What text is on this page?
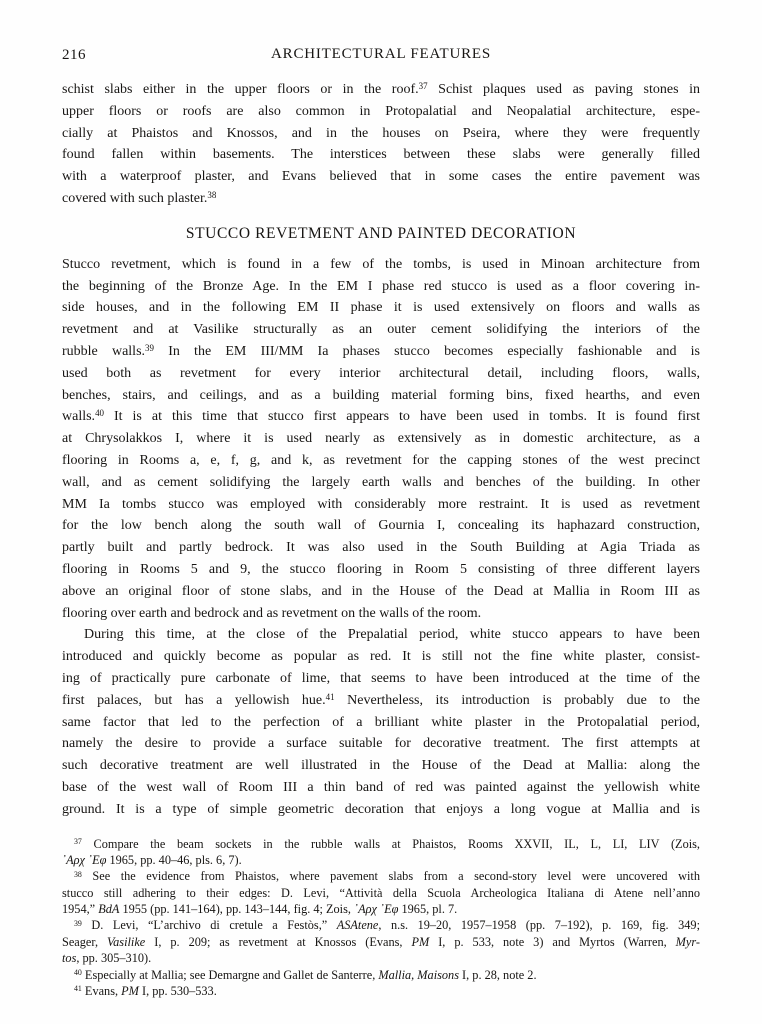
216	ARCHITECTURAL FEATURES
schist slabs either in the upper floors or in the roof.$^{37}$ Schist plaques used as paving stones in
upper floors or roofs are also common in Protopalatial and Neopalatial architecture, espe-
cially at Phaistos and Knossos, and in the houses on Pseira, where they were frequently
found fallen within basements. The interstices between these slabs were generally filled
with a waterproof plaster, and Evans believed that in some cases the entire pavement was
covered with such plaster.$^{38}$
STUCCO REVETMENT AND PAINTED DECORATION
Stucco revetment, which is found in a few of the tombs, is used in Minoan architecture from
the beginning of the Bronze Age. In the EM I phase red stucco is used as a floor covering in-
side houses, and in the following EM II phase it is used extensively on floors and walls as
revetment and at Vasilike structurally as an outer cement solidifying the interiors of the
rubble walls.$^{39}$ In the EM III/MM Ia phases stucco becomes especially fashionable and is
used both as revetment for every interior architectural detail, including floors, walls,
benches, stairs, and ceilings, and as a building material forming bins, fixed hearths, and even
walls.$^{40}$ It is at this time that stucco first appears to have been used in tombs. It is found first
at Chrysolakkos I, where it is used nearly as extensively as in domestic architecture, as a
flooring in Rooms a, e, f, g, and k, as revetment for the capping stones of the west precinct
wall, and as cement solidifying the largely earth walls and benches of the building. In other
MM Ia tombs stucco was employed with considerably more restraint. It is used as revetment
for the low bench along the south wall of Gournia I, concealing its haphazard construction,
partly built and partly bedrock. It was also used in the South Building at Agia Triada as
flooring in Rooms 5 and 9, the stucco flooring in Room 5 consisting of three different layers
above an original floor of stone slabs, and in the House of the Dead at Mallia in Room III as
flooring over earth and bedrock and as revetment on the walls of the room.
During this time, at the close of the Prepalatial period, white stucco appears to have been
introduced and quickly become as popular as red. It is still not the fine white plaster, consist-
ing of practically pure carbonate of lime, that seems to have been introduced at the time of the
first palaces, but has a yellowish hue.$^{41}$ Nevertheless, its introduction is probably due to the
same factor that led to the perfection of a brilliant white plaster in the Protopalatial period,
namely the desire to provide a surface suitable for decorative treatment. The first attempts at
such decorative treatment are well illustrated in the House of the Dead at Mallia: along the
base of the west wall of Room III a thin band of red was painted against the yellowish white
ground. It is a type of simple geometric decoration that enjoys a long vogue at Mallia and is
$^{37}$ Compare the beam sockets in the rubble walls at Phaistos, Rooms XXVII, IL, L, LI, LIV (Zois,
᾿Αρχ ᾿Εφ 1965, pp. 40–46, pls. 6, 7).
$^{38}$ See the evidence from Phaistos, where pavement slabs from a second-story level were uncovered with
stucco still adhering to their edges: D. Levi, “Attività della Scuola Archeologica Italiana di Atene nell’anno
1954,” BdA 1955 (pp. 141–164), pp. 143–144, fig. 4; Zois, ᾿Αρχ ᾿Εφ 1965, pl. 7.
$^{39}$ D. Levi, “L’archivo di cretule a Festòs,” ASAtene, n.s. 19–20, 1957–1958 (pp. 7–192), p. 169, fig. 349;
Seager, Vasilike I, p. 209; as revetment at Knossos (Evans, PM I, p. 533, note 3) and Myrtos (Warren, Myr-
tos, pp. 305–310).
$^{40}$ Especially at Mallia; see Demargne and Gallet de Santerre, Mallia, Maisons I, p. 28, note 2.
$^{41}$ Evans, PM I, pp. 530–533.
